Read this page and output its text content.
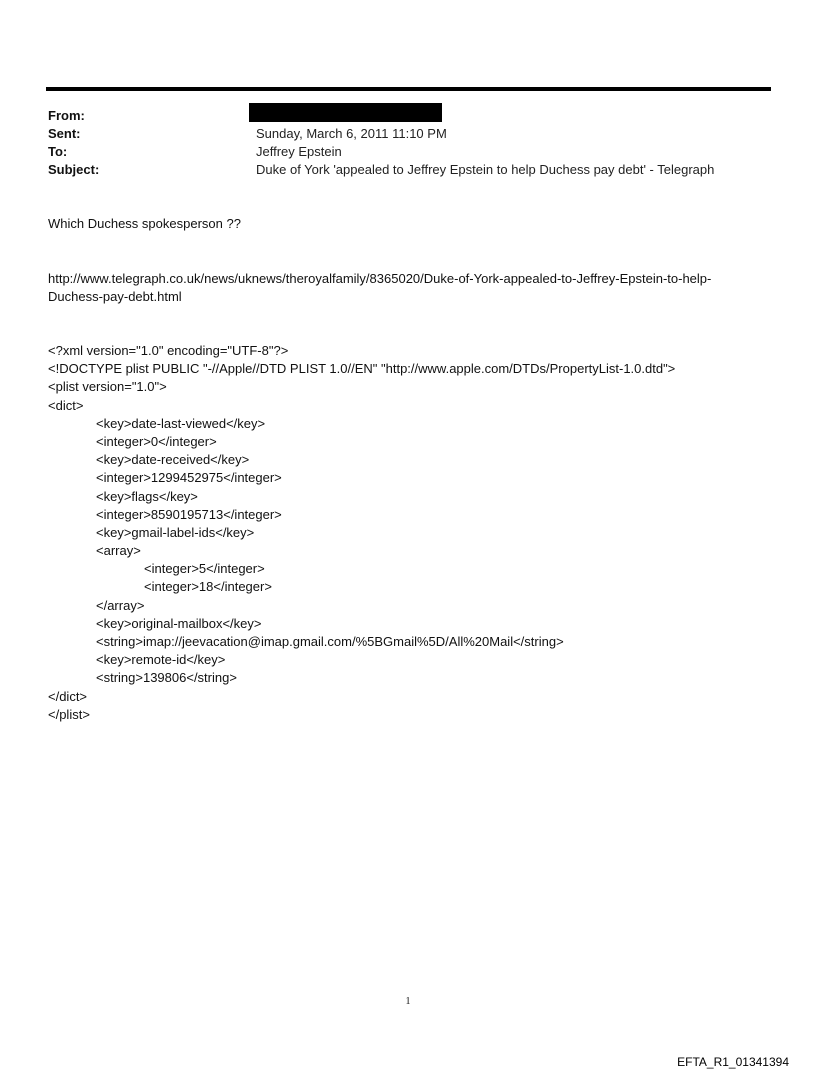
From:
Sent:	Sunday, March 6, 2011 11:10 PM
To:	Jeffrey Epstein
Subject:	Duke of York 'appealed to Jeffrey Epstein to help Duchess pay debt' - Telegraph
Which Duchess spokesperson ??
http://www.telegraph.co.uk/news/uknews/theroyalfamily/8365020/Duke-of-York-appealed-to-Jeffrey-Epstein-to-help-
Duchess-pay-debt.html
<?xml version="1.0" encoding="UTF-8"?>
<!DOCTYPE plist PUBLIC "-//Apple//DTD PLIST 1.0//EN" "http://www.apple.com/DTDs/PropertyList-1.0.dtd">
<plist version="1.0">
<dict>
<key>date-last-viewed</key>
<integer>0</integer>
<key>date-received</key>
<integer>1299452975</integer>
<key>flags</key>
<integer>8590195713</integer>
<key>gmail-label-ids</key>
<array>
<integer>5</integer>
<integer>18</integer>
</array>
<key>original-mailbox</key>
<string>imap://jeevacation@imap.gmail.com/%5BGmail%5D/All%20Mail</string>
<key>remote-id</key>
<string>139806</string>
</dict>
</plist>
1
EFTA_R1_01341394
